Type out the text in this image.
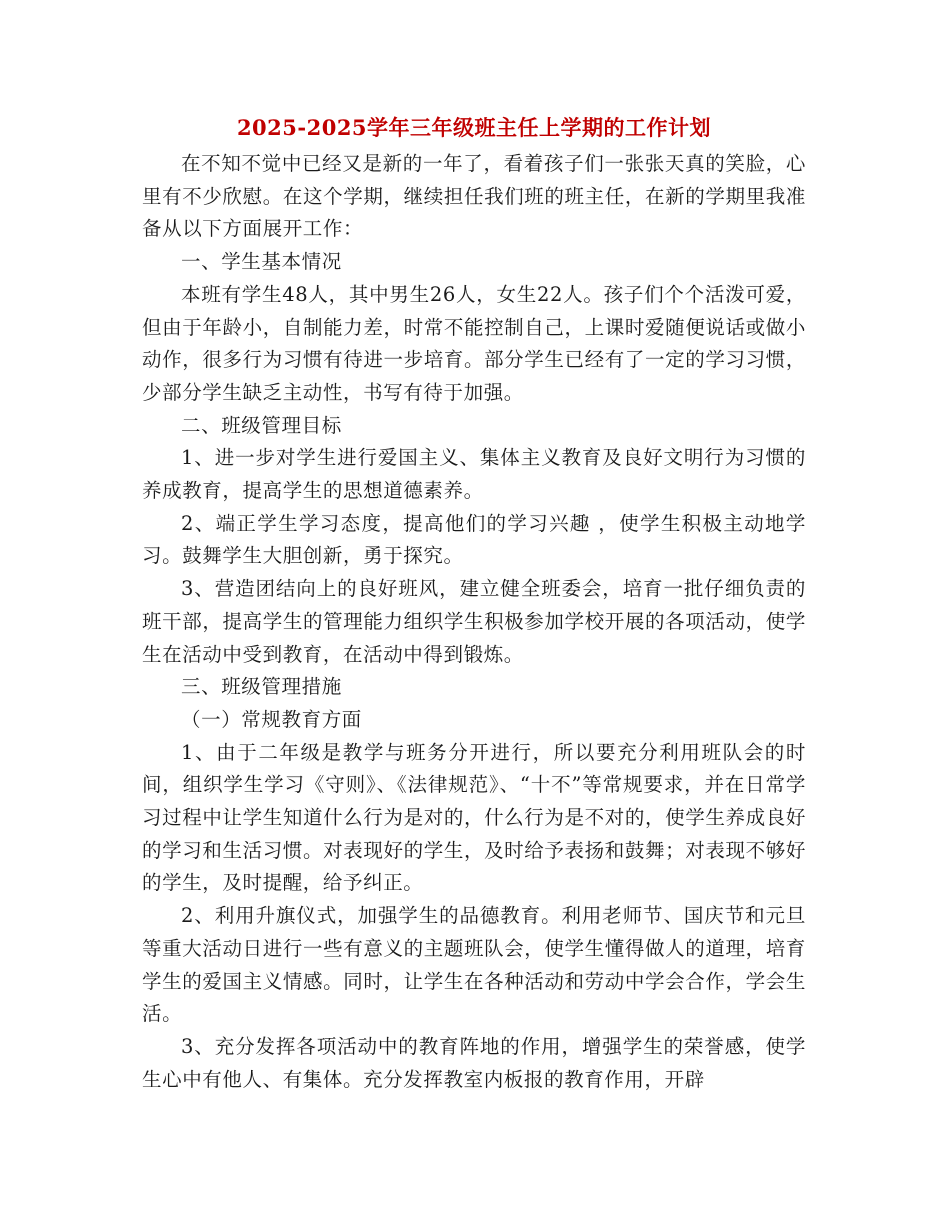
2025-2025学年三年级班主任上学期的工作计划

在不知不觉中已经又是新的一年了，看着孩子们一张张天真的笑脸，心里有不少欣慰。在这个学期，继续担任我们班的班主任，在新的学期里我准备从以下方面展开工作：

一、学生基本情况

本班有学生48人，其中男生26人，女生22人。孩子们个个活泼可爱，但由于年龄小，自制能力差，时常不能控制自己，上课时爱随便说话或做小动作，很多行为习惯有待进一步培育。部分学生已经有了一定的学习习惯，少部分学生缺乏主动性，书写有待于加强。

二、班级管理目标

1、进一步对学生进行爱国主义、集体主义教育及良好文明行为习惯的养成教育，提高学生的思想道德素养。

2、端正学生学习态度，提高他们的学习兴趣 ，使学生积极主动地学习。鼓舞学生大胆创新，勇于探究。

3、营造团结向上的良好班风，建立健全班委会，培育一批仔细负责的班干部，提高学生的管理能力组织学生积极参加学校开展的各项活动，使学生在活动中受到教育，在活动中得到锻炼。

三、班级管理措施

（一）常规教育方面

1、由于二年级是教学与班务分开进行，所以要充分利用班队会的时间，组织学生学习《守则》、《法律规范》、“十不”等常规要求，并在日常学习过程中让学生知道什么行为是对的，什么行为是不对的，使学生养成良好的学习和生活习惯。对表现好的学生，及时给予表扬和鼓舞；对表现不够好的学生，及时提醒，给予纠正。

2、利用升旗仪式，加强学生的品德教育。利用老师节、国庆节和元旦等重大活动日进行一些有意义的主题班队会，使学生懂得做人的道理，培育学生的爱国主义情感。同时，让学生在各种活动和劳动中学会合作，学会生活。

3、充分发挥各项活动中的教育阵地的作用，增强学生的荣誉感，使学生心中有他人、有集体。充分发挥教室内板报的教育作用，开辟
